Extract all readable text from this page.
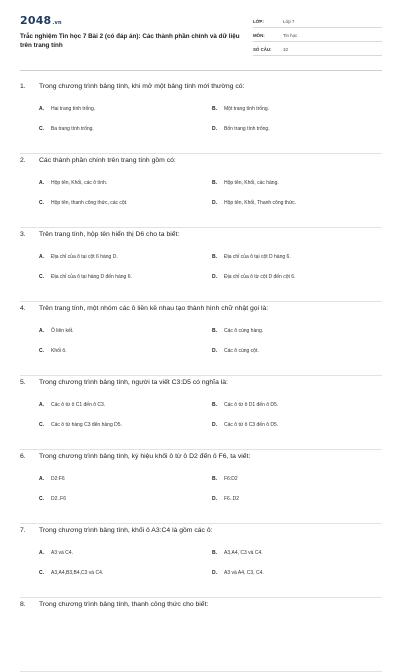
2048.vn
Trắc nghiệm Tin học 7 Bài 2 (có đáp án): Các thành phần chính và dữ liệu trên trang tính
LỚP:	Lớp 7
MÔN:	Tin học
SỐ CÂU:	10
1. Trong chương trình bảng tính, khi mở một bảng tính mới thường có:
A. Hai trang tính trống.	B. Một trang tính trống.
C. Ba trang tính trống.	D. Bốn trang tính trống.
2. Các thành phần chính trên trang tính gồm có:
A. Hộp tên, Khối, các ô tính.	B. Hộp tên, Khối, các hàng.
C. Hộp tên, thanh công thức, các cột.	D. Hộp tên, Khối, Thanh công thức.
3. Trên trang tính, hộp tên hiển thị D6 cho ta biết:
A. Địa chỉ của ô tại cột 6 hàng D.	B. Địa chỉ của ô tại cột D hàng 6.
C. Địa chỉ của ô tại hàng D đến hàng 6.	D. Địa chỉ của ô từ cột D đến cột 6.
4. Trên trang tính, một nhóm các ô liền kề nhau tạo thành hình chữ nhật gọi là:
A. Ô liên kết.	B. Các ô cùng hàng.
C. Khối ô.	D. Các ô cùng cột.
5. Trong chương trình bảng tính, người ta viết C3:D5 có nghĩa là:
A. Các ô từ ô C1 đến ô C3.	B. Các ô từ ô D1 đến ô D5.
C. Các ô từ hàng C3 đến hàng D5.	D. Các ô từ ô C3 đến ô D5.
6. Trong chương trình bảng tính, ký hiệu khối ô từ ô D2 đến ô F6, ta viết:
A. D2:F6	B. F6:D2
C. D2..F6	D. F6..D2
7. Trong chương trình bảng tính, khối ô A3:C4 là gồm các ô:
A. A3 và C4.	B. A3,A4, C3 và C4.
C. A3,A4,B3,B4,C3 và C4.	D. A3 và A4, C3, C4.
8. Trong chương trình bảng tính, thanh công thức cho biết:
